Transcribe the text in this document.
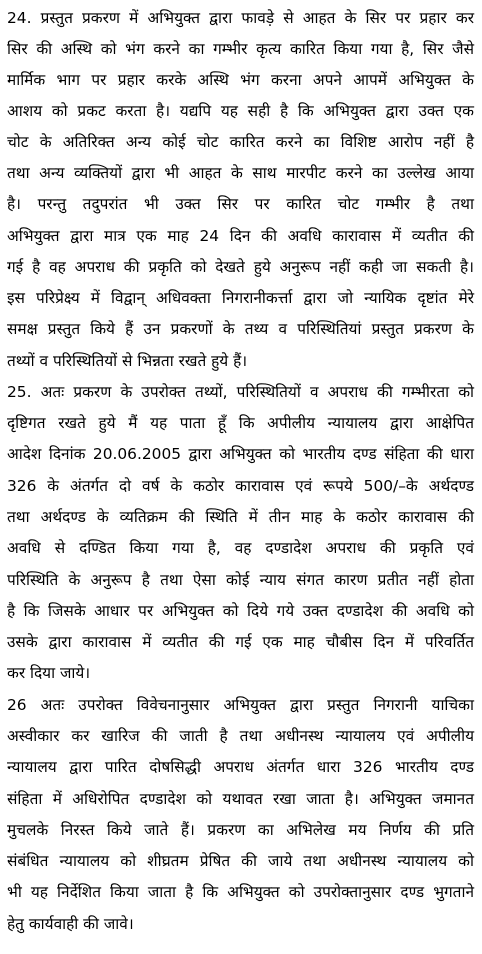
24. प्रस्तुत प्रकरण में अभियुक्त द्वारा फावड़े से आहत के सिर पर प्रहार कर
सिर की अस्थि को भंग करने का गम्भीर कृत्य कारित किया गया है, सिर जैसे
मार्मिक भाग पर प्रहार करके अस्थि भंग करना अपने आपमें अभियुक्त के
आशय को प्रकट करता है। यद्यपि यह सही है कि अभियुक्त द्वारा उक्त एक
चोट के अतिरिक्त अन्य कोई चोट कारित करने का विशिष्ट आरोप नहीं है
तथा अन्य व्यक्तियों द्वारा भी आहत के साथ मारपीट करने का उल्लेख आया
है। परन्तु तदुपरांत भी उक्त सिर पर कारित चोट गम्भीर है तथा
अभियुक्त द्वारा मात्र एक माह 24 दिन की अवधि कारावास में व्यतीत की
गई है वह अपराध की प्रकृति को देखते हुये अनुरूप नहीं कही जा सकती है।
इस परिप्रेक्ष्य में विद्वान् अधिवक्ता निगरानीकर्त्ता द्वारा जो न्यायिक दृष्टांत मेरे
समक्ष प्रस्तुत किये हैं उन प्रकरणों के तथ्य व परिस्थितियां प्रस्तुत प्रकरण के
तथ्यों व परिस्थितियों से भिन्नता रखते हुये हैं।
25. अतः प्रकरण के उपरोक्त तथ्यों, परिस्थितियों व अपराध की गम्भीरता को
दृष्टिगत रखते हुये मैं यह पाता हूँ कि अपीलीय न्यायालय द्वारा आक्षेपित
आदेश दिनांक 20.06.2005 द्वारा अभियुक्त को भारतीय दण्ड संहिता की धारा
326 के अंतर्गत दो वर्ष के कठोर कारावास एवं रूपये 500/–के अर्थदण्ड
तथा अर्थदण्ड के व्यतिक्रम की स्थिति में तीन माह के कठोर कारावास की
अवधि से दण्डित किया गया है, वह दण्डादेश अपराध की प्रकृति एवं
परिस्थिति के अनुरूप है तथा ऐसा कोई न्याय संगत कारण प्रतीत नहीं होता
है कि जिसके आधार पर अभियुक्त को दिये गये उक्त दण्डादेश की अवधि को
उसके द्वारा कारावास में व्यतीत की गई एक माह चौबीस दिन में परिवर्तित
कर दिया जाये।
26 अतः उपरोक्त विवेचनानुसार अभियुक्त द्वारा प्रस्तुत निगरानी याचिका
अस्वीकार कर खारिज की जाती है तथा अधीनस्थ न्यायालय एवं अपीलीय
न्यायालय द्वारा पारित दोषसिद्धी अपराध अंतर्गत धारा 326 भारतीय दण्ड
संहिता में अधिरोपित दण्डादेश को यथावत रखा जाता है। अभियुक्त जमानत
मुचलके निरस्त किये जाते हैं। प्रकरण का अभिलेख मय निर्णय की प्रति
संबंधित न्यायालय को शीघ्रतम प्रेषित की जाये तथा अधीनस्थ न्यायालय को
भी यह निर्देशित किया जाता है कि अभियुक्त को उपरोक्तानुसार दण्ड भुगताने
हेतु कार्यवाही की जावे।
